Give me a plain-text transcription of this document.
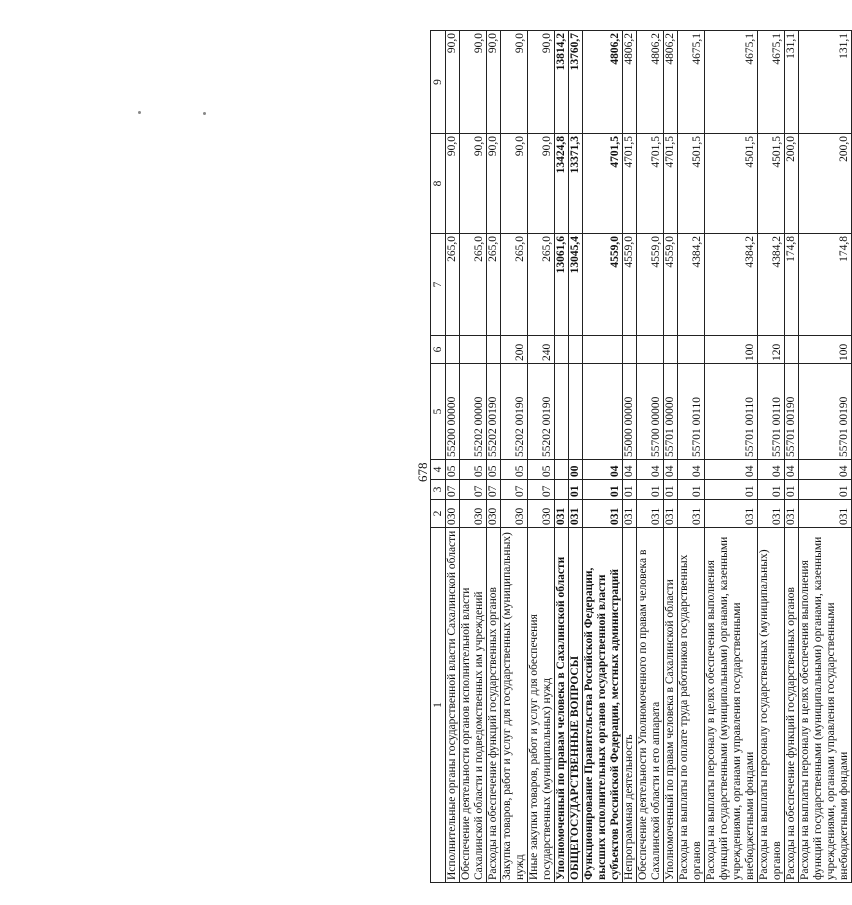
678
1	2	3	4	5	6	7	8	9
Исполнительные органы государственной власти Сахалинской области	030	07	05	55200 00000		265,0	90,0	90,0
Обеспечение деятельности органов исполнительной власти Сахалинской области и подведомственных им учреждений	030	07	05	55202 00000		265,0	90,0	90,0
Расходы на обеспечение функций государственных органов	030	07	05	55202 00190		265,0	90,0	90,0
Закупка товаров, работ и услуг для государственных (муниципальных) нужд	030	07	05	55202 00190	200	265,0	90,0	90,0
Иные закупки товаров, работ и услуг для обеспечения государственных (муниципальных) нужд	030	07	05	55202 00190	240	265,0	90,0	90,0
Уполномоченный по правам человека в Сахалинской области	031					13061,6	13424,8	13814,2
ОБЩЕГОСУДАРСТВЕННЫЕ ВОПРОСЫ	031	01	00			13045,4	13371,3	13760,7
Функционирование Правительства Российской Федерации, высших исполнительных органов государственной власти субъектов Российской Федерации, местных администраций	031	01	04			4559,0	4701,5	4806,2
Непрограммная деятельность	031	01	04	55000 00000		4559,0	4701,5	4806,2
Обеспечение деятельности Уполномоченного по правам человека в Сахалинской области и его аппарата	031	01	04	55700 00000		4559,0	4701,5	4806,2
Уполномоченный по правам человека в Сахалинской области	031	01	04	55701 00000		4559,0	4701,5	4806,2
Расходы на выплаты по оплате труда работников государственных органов	031	01	04	55701 00110		4384,2	4501,5	4675,1
Расходы на выплаты персоналу в целях обеспечения выполнения функций государственными (муниципальными) органами, казенными учреждениями, органами управления государственными внебюджетными фондами	031	01	04	55701 00110	100	4384,2	4501,5	4675,1
Расходы на выплаты персоналу государственных (муниципальных) органов	031	01	04	55701 00110	120	4384,2	4501,5	4675,1
Расходы на обеспечение функций государственных органов	031	01	04	55701 00190		174,8	200,0	131,1
Расходы на выплаты персоналу в целях обеспечения выполнения функций государственными (муниципальными) органами, казенными учреждениями, органами управления государственными внебюджетными фондами	031	01	04	55701 00190	100	174,8	200,0	131,1
